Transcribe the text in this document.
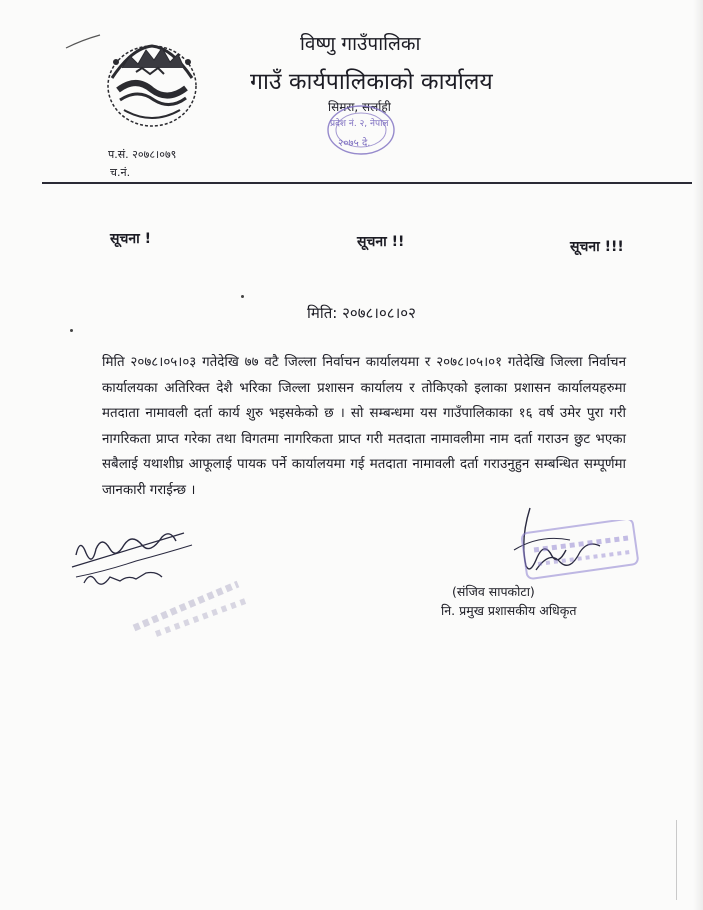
विष्णु गाउँपालिका
गाउँ कार्यपालिकाको कार्यालय
सिमरा, सर्लाही
प्रदेश नं. २, नेपाल
२०७५ दे.
प.सं. २०७८।०७९
च.नं.
सूचना !	सूचना !!	सूचना !!!
मिति: २०७८।०८।०२
मिति २०७८।०५।०३ गतेदेखि ७७ वटै जिल्ला निर्वाचन कार्यालयमा र २०७८।०५।०१ गतेदेखि जिल्ला निर्वाचन कार्यालयका अतिरिक्त देशै भरिका जिल्ला प्रशासन कार्यालय र तोकिएको इलाका प्रशासन कार्यालयहरुमा मतदाता नामावली दर्ता कार्य शुरु भइसकेको छ । सो सम्बन्धमा यस गाउँपालिकाका १६ वर्ष उमेर पुरा गरी नागरिकता प्राप्त गरेका तथा विगतमा नागरिकता प्राप्त गरी मतदाता नामावलीमा नाम दर्ता गराउन छुट भएका सबैलाई यथाशीघ्र आफूलाई पायक पर्ने कार्यालयमा गई मतदाता नामावली दर्ता गराउनुहुन सम्बन्धित सम्पूर्णमा जानकारी गराईन्छ ।
(संजिव सापकोटा)
नि. प्रमुख प्रशासकीय अधिकृत
